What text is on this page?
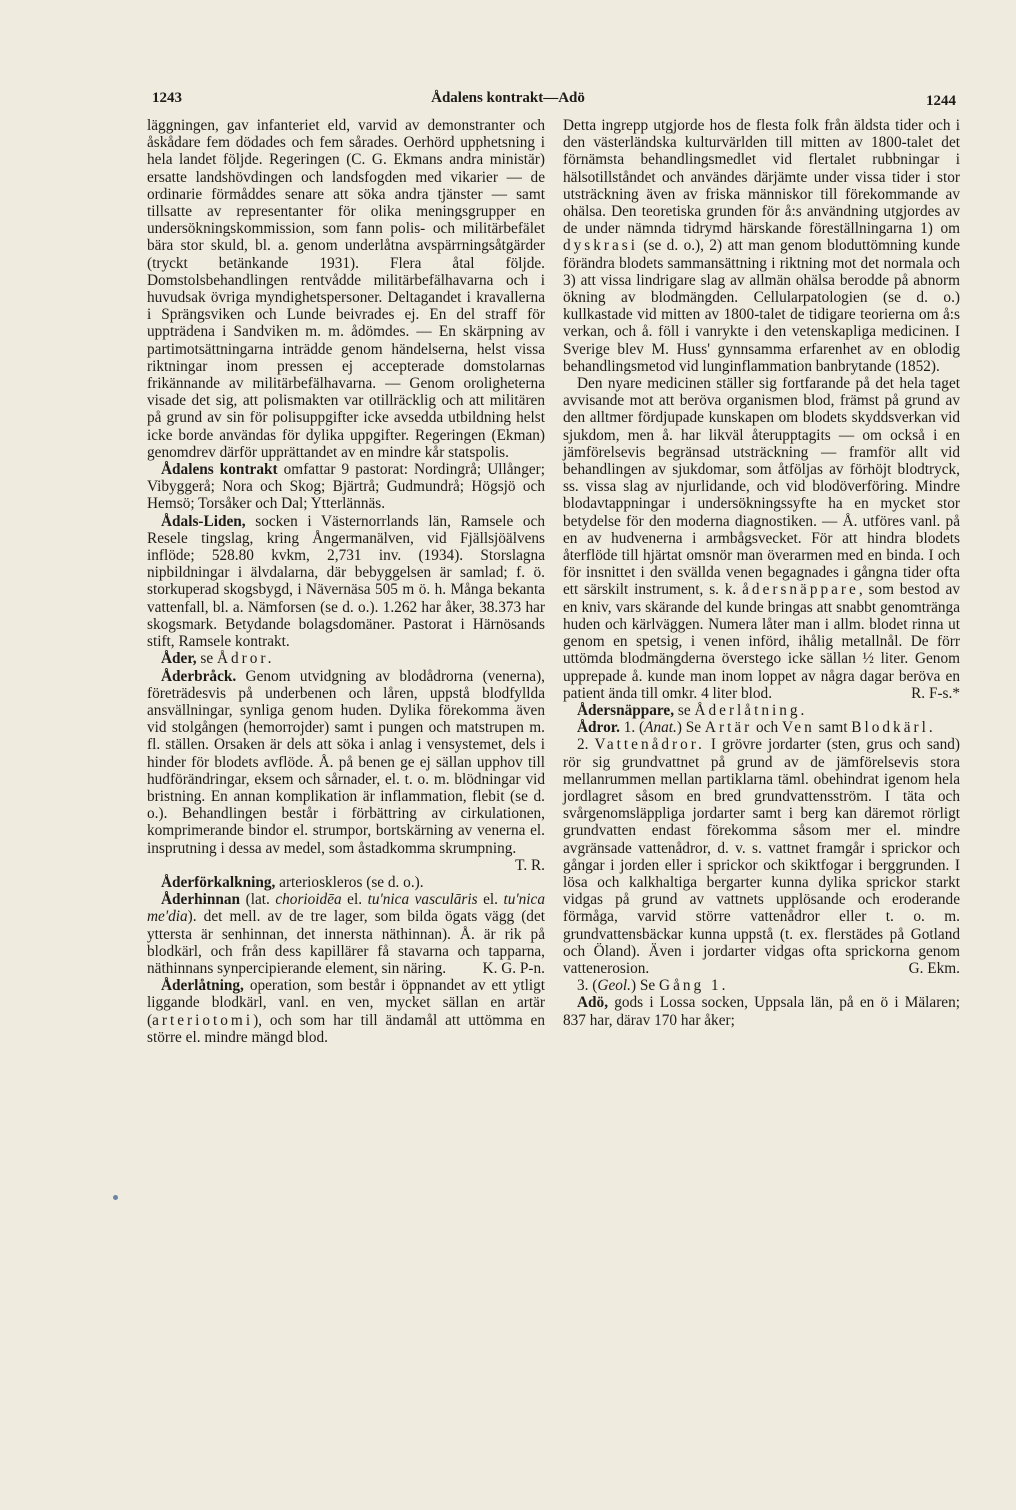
1243	Ådalens kontrakt—Adö	1244

läggningen, gav infanteriet eld, varvid av demonstranter och åskådare fem dödades och fem sårades. Oerhörd upphetsning i hela landet följde. Regeringen (C. G. Ekmans andra ministär) ersatte landshövdingen och landsfogden med vikarier — de ordinarie förmåddes senare att söka andra tjänster — samt tillsatte av representanter för olika meningsgrupper en undersökningskommission, som fann polis- och militärbefälet bära stor skuld, bl. a. genom underlåtna avspärrningsåtgärder (tryckt betänkande 1931). Flera åtal följde. Domstolsbehandlingen rentvådde militärbefälhavarna och i huvudsak övriga myndighetspersoner. Deltagandet i kravallerna i Sprängsviken och Lunde beivrades ej. En del straff för uppträdena i Sandviken m. m. ådömdes. — En skärpning av partimotsättningarna inträdde genom händelserna, helst vissa riktningar inom pressen ej accepterade domstolarnas frikännande av militärbefälhavarna. — Genom oroligheterna visade det sig, att polismakten var otillräcklig och att militären på grund av sin för polisuppgifter icke avsedda utbildning helst icke borde användas för dylika uppgifter. Regeringen (Ekman) genomdrev därför upprättandet av en mindre kår statspolis.

Ådalens kontrakt omfattar 9 pastorat: Nordingrå; Ullånger; Vibyggerå; Nora och Skog; Bjärtrå; Gudmundrå; Högsjö och Hemsö; Torsåker och Dal; Ytterlännäs.

Ådals-Liden, socken i Västernorrlands län, Ramsele och Resele tingslag, kring Ångermanälven, vid Fjällsjöälvens inflöde; 528.80 kvkm, 2,731 inv. (1934). Storslagna nipbildningar i älvdalarna, där bebyggelsen är samlad; f. ö. storkuperad skogsbygd, i Nävernäsa 505 m ö. h. Många bekanta vattenfall, bl. a. Nämforsen (se d. o.). 1.262 har åker, 38.373 har skogsmark. Betydande bolagsdomäner. Pastorat i Härnösands stift, Ramsele kontrakt.

Åder, se Ådror.

Åderbråck. Genom utvidgning av blodådrorna (venerna), företrädesvis på underbenen och låren, uppstå blodfyllda ansvällningar, synliga genom huden. Dylika förekomma även vid stolgången (hemorrojder) samt i pungen och matstrupen m. fl. ställen. Orsaken är dels att söka i anlag i vensystemet, dels i hinder för blodets avflöde. Å. på benen ge ej sällan upphov till hudförändringar, eksem och sårnader, el. t. o. m. blödningar vid bristning. En annan komplikation är inflammation, flebit (se d. o.). Behandlingen består i förbättring av cirkulationen, komprimerande bindor el. strumpor, bortskärning av venerna el. insprutning i dessa av medel, som åstadkomma skrumpning.
T. R.

Åderförkalkning, arterioskleros (se d. o.).

Åderhinnan (lat. chorioidēa el. tu'nica vasculāris el. tu'nica me'dia). det mell. av de tre lager, som bilda ögats vägg (det yttersta är senhinnan, det innersta näthinnan). Å. är rik på blodkärl, och från dess kapillärer få stavarna och tapparna, näthinnans synpercipierande element, sin näring.	K. G. P-n.

Åderlåtning, operation, som består i öppnandet av ett ytligt liggande blodkärl, vanl. en ven, mycket sällan en artär (arteriotomi), och som har till ändamål att uttömma en större el. mindre mängd blod.

Detta ingrepp utgjorde hos de flesta folk från äldsta tider och i den västerländska kulturvärlden till mitten av 1800-talet det förnämsta behandlingsmedlet vid flertalet rubbningar i hälsotillståndet och användes därjämte under vissa tider i stor utsträckning även av friska människor till förekommande av ohälsa. Den teoretiska grunden för å:s användning utgjordes av de under nämnda tidrymd härskande föreställningarna 1) om dyskrasi (se d. o.), 2) att man genom bloduttömning kunde förändra blodets sammansättning i riktning mot det normala och 3) att vissa lindrigare slag av allmän ohälsa berodde på abnorm ökning av blodmängden. Cellularpatologien (se d. o.) kullkastade vid mitten av 1800-talet de tidigare teorierna om å:s verkan, och å. föll i vanrykte i den vetenskapliga medicinen. I Sverige blev M. Huss' gynnsamma erfarenhet av en oblodig behandlingsmetod vid lunginflammation banbrytande (1852).

Den nyare medicinen ställer sig fortfarande på det hela taget avvisande mot att beröva organismen blod, främst på grund av den alltmer fördjupade kunskapen om blodets skyddsverkan vid sjukdom, men å. har likväl återupptagits — om också i en jämförelsevis begränsad utsträckning — framför allt vid behandlingen av sjukdomar, som åtföljas av förhöjt blodtryck, ss. vissa slag av njurlidande, och vid blodöverföring. Mindre blodavtappningar i undersökningssyfte ha en mycket stor betydelse för den moderna diagnostiken. — Å. utföres vanl. på en av hudvenerna i armbågsvecket. För att hindra blodets återflöde till hjärtat omsnör man överarmen med en binda. I och för insnittet i den svällda venen begagnades i gångna tider ofta ett särskilt instrument, s. k. ådersnäppare, som bestod av en kniv, vars skärande del kunde bringas att snabbt genomtränga huden och kärlväggen. Numera låter man i allm. blodet rinna ut genom en spetsig, i venen införd, ihålig metallnål. De förr uttömda blodmängderna överstego icke sällan ½ liter. Genom upprepade å. kunde man inom loppet av några dagar beröva en patient ända till omkr. 4 liter blod.	R. F-s.*

Ådersnäppare, se Åderlåtning.

Ådror. 1. (Anat.) Se Artär och Ven samt Blodkärl.

2. Vattenådror. I grövre jordarter (sten, grus och sand) rör sig grundvattnet på grund av de jämförelsevis stora mellanrummen mellan partiklarna täml. obehindrat igenom hela jordlagret såsom en bred grundvattensström. I täta och svårgenomsläppliga jordarter samt i berg kan däremot rörligt grundvatten endast förekomma såsom mer el. mindre avgränsade vattenådror, d. v. s. vattnet framgår i sprickor och gångar i jorden eller i sprickor och skiktfogar i berggrunden. I lösa och kalkhaltiga bergarter kunna dylika sprickor starkt vidgas på grund av vattnets upplösande och eroderande förmåga, varvid större vattenådror eller t. o. m. grundvattensbäckar kunna uppstå (t. ex. flerstädes på Gotland och Öland). Även i jordarter vidgas ofta sprickorna genom vattenerosion.	G. Ekm.

3. (Geol.) Se Gång 1.

Adö, gods i Lossa socken, Uppsala län, på en ö i Mälaren; 837 har, därav 170 har åker;
